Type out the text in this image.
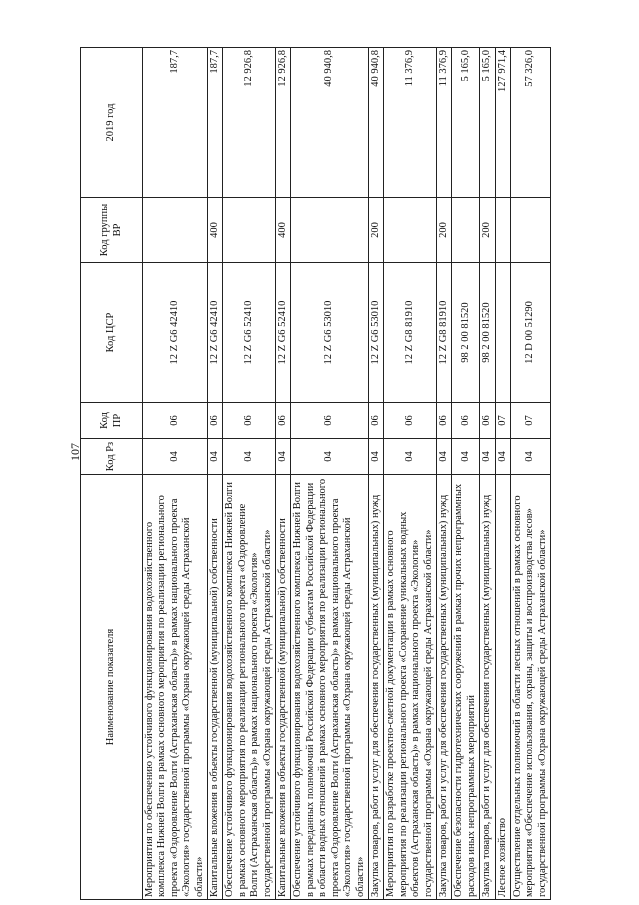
107
Наименование показателя	Код Рз	Код ПР	Код ЦСР	Код группы ВР	2019 год
Мероприятия по обеспечению устойчивого функционирования водохозяйственного комплекса Нижней Волги в рамках основного мероприятия по реализации регионального проекта «Оздоровление Волги (Астраханская область)» в рамках национального проекта «Экология» государственной программы «Охрана окружающей среды Астраханской области»	04	06	12 Z G6 42410		187,7
Капитальные вложения в объекты государственной (муниципальной) собственности	04	06	12 Z G6 42410	400	187,7
Обеспечение устойчивого функционирования водохозяйственного комплекса Нижней Волги в рамках основного мероприятия по реализации регионального проекта «Оздоровление Волги (Астраханская область)» в рамках национального проекта «Экология» государственной программы «Охрана окружающей среды Астраханской области»	04	06	12 Z G6 52410		12 926,8
Капитальные вложения в объекты государственной (муниципальной) собственности	04	06	12 Z G6 52410	400	12 926,8
Обеспечение устойчивого функционирования водохозяйственного комплекса Нижней Волги в рамках переданных полномочий Российской Федерации субъектам Российской Федерации в области водных отношений в рамках основного мероприятия по реализации регионального проекта «Оздоровление Волги (Астраханская область)» в рамках национального проекта «Экология» государственной программы «Охрана окружающей среды Астраханской области»	04	06	12 Z G6 53010		40 940,8
Закупка товаров, работ и услуг для обеспечения государственных (муниципальных) нужд	04	06	12 Z G6 53010	200	40 940,8
Мероприятия по разработке проектно-сметной документации в рамках основного мероприятия по реализации регионального проекта «Сохранение уникальных водных объектов (Астраханская область)» в рамках национального проекта «Экология» государственной программы «Охрана окружающей среды Астраханской области»	04	06	12 Z G8 81910		11 376,9
Закупка товаров, работ и услуг для обеспечения государственных (муниципальных) нужд	04	06	12 Z G8 81910	200	11 376,9
Обеспечение безопасности гидротехнических сооружений в рамках прочих непрограммных расходов иных непрограммных мероприятий	04	06	98 2 00 81520		5 165,0
Закупка товаров, работ и услуг для обеспечения государственных (муниципальных) нужд	04	06	98 2 00 81520	200	5 165,0
Лесное хозяйство	04	07			127 971,4
Осуществление отдельных полномочий в области лесных отношений в рамках основного мероприятия «Обеспечение использования, охраны, защиты и воспроизводства лесов» государственной программы «Охрана окружающей среды Астраханской области»	04	07	12 D 00 51290		57 326,0
